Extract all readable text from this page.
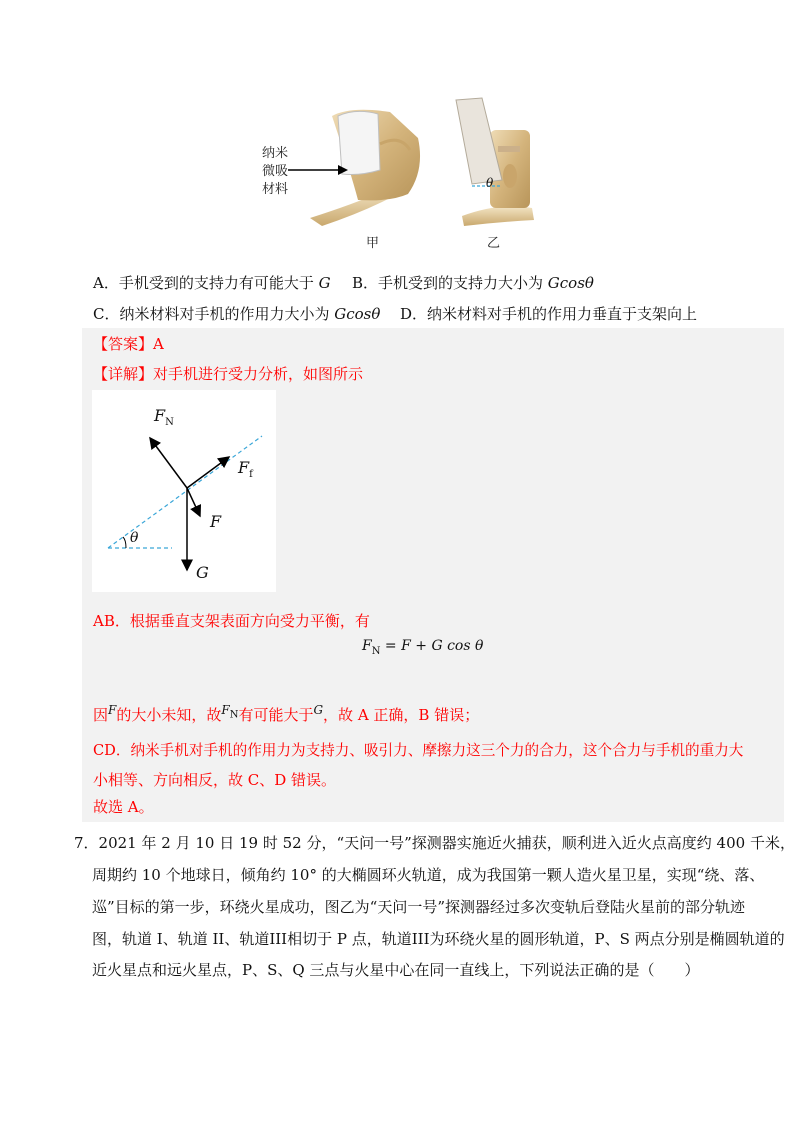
纳米
微吸
材料	θ
甲	乙
A．手机受到的支持力有可能大于 G B．手机受到的支持力大小为 Gcosθ
C．纳米材料对手机的作用力大小为 Gcosθ D．纳米材料对手机的作用力垂直于支架向上
【答案】A
【详解】对手机进行受力分析，如图所示
$F_N$
$F_f$
F
G
θ
AB．根据垂直支架表面方向受力平衡，有
$F_N = F + G$ cos θ
因$^F$的大小未知，故$^{F_N}$有可能大于$^G$，故 A 正确，B 错误；
CD．纳米手机对手机的作用力为支持力、吸引力、摩擦力这三个力的合力，这个合力与手机的重力大
小相等、方向相反，故 C、D 错误。
故选 A。
7．2021 年 2 月 10 日 19 时 52 分，“天问一号”探测器实施近火捕获，顺利进入近火点高度约 400 千米，
周期约 10 个地球日，倾角约 10° 的大椭圆环火轨道，成为我国第一颗人造火星卫星，实现“绕、落、
巡”目标的第一步，环绕火星成功，图乙为“天问一号”探测器经过多次变轨后登陆火星前的部分轨迹
图，轨道 I、轨道 II、轨道III相切于 P 点，轨道III为环绕火星的圆形轨道，P、S 两点分别是椭圆轨道的
近火星点和远火星点，P、S、Q 三点与火星中心在同一直线上，下列说法正确的是（　　）
